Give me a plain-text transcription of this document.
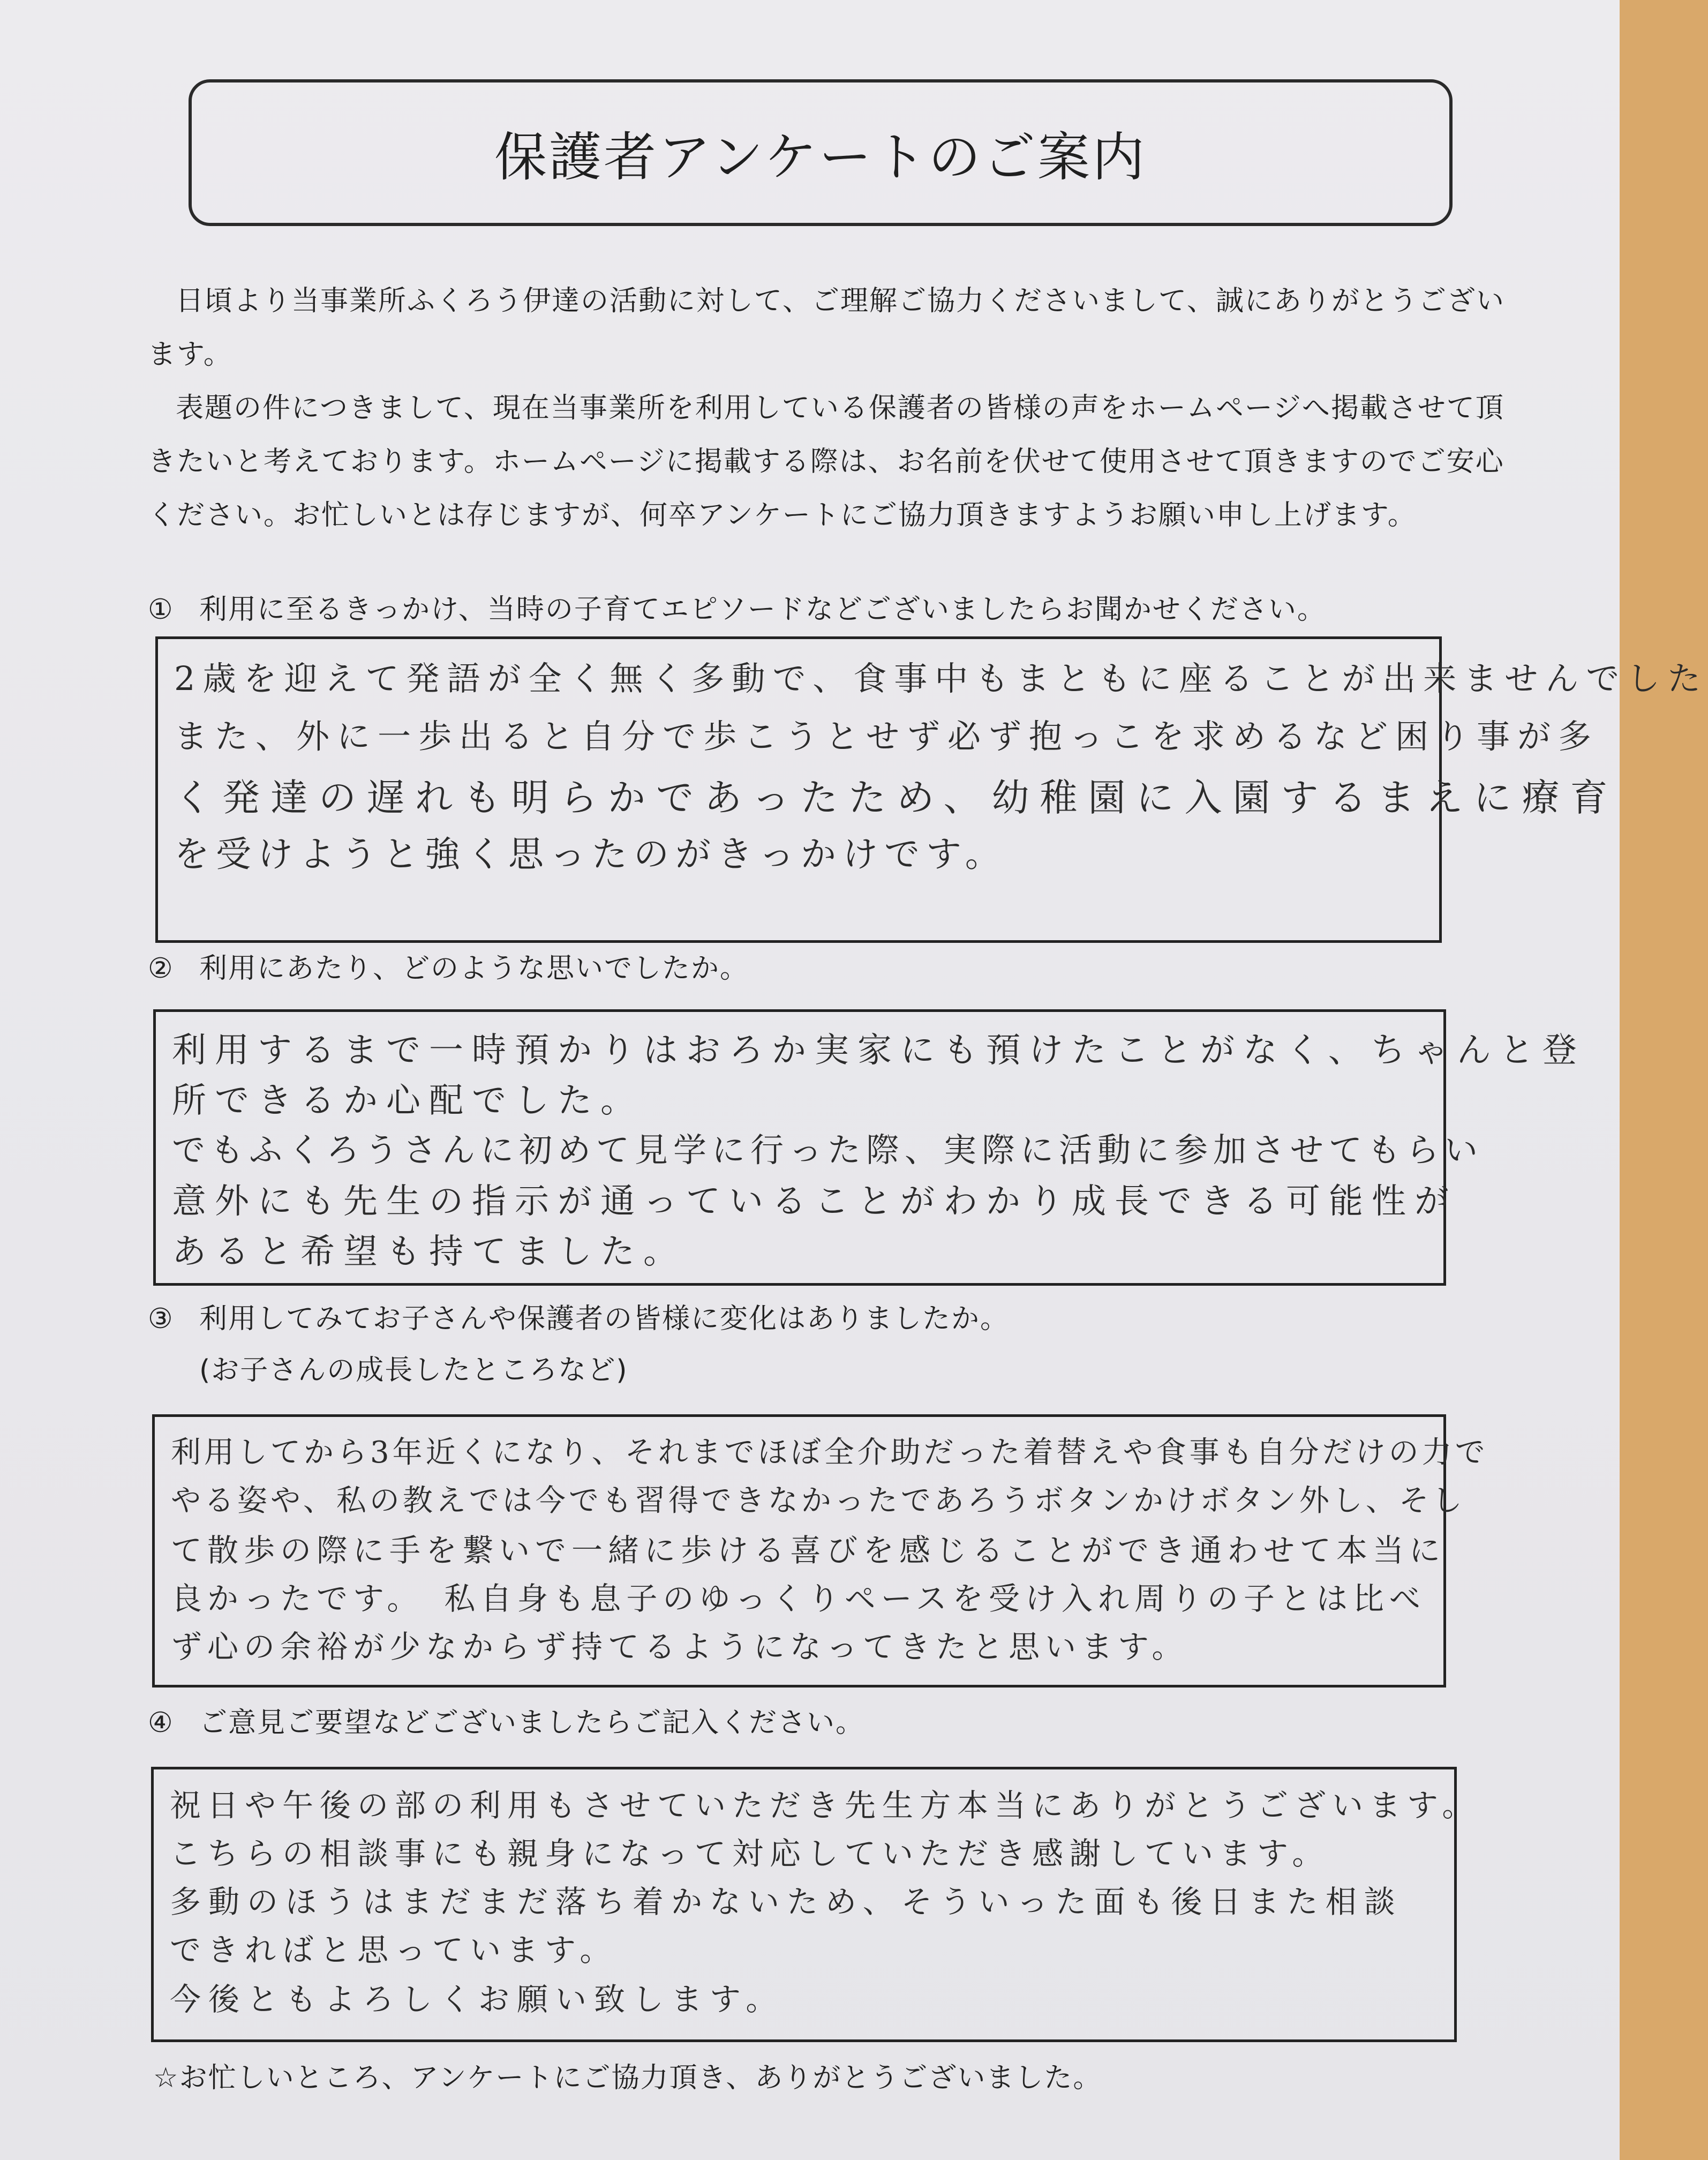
保護者アンケートのご案内

日頃より当事業所ふくろう伊達の活動に対して、ご理解ご協力くださいまして、誠にありがとうございます。

表題の件につきまして、現在当事業所を利用している保護者の皆様の声をホームページへ掲載させて頂きたいと考えております。ホームページに掲載する際は、お名前を伏せて使用させて頂きますのでご安心ください。お忙しいとは存じますが、何卒アンケートにご協力頂きますようお願い申し上げます。

① 利用に至るきっかけ、当時の子育てエピソードなどございましたらお聞かせください。
2歳を迎えて発語が全く無く多動で、食事中もまともに座ることが出来ませんでした
また、外に一歩出ると自分で歩こうとせず必ず抱っこを求めるなど困り事が多
く発達の遅れも明らかであったため、幼稚園に入園するまえに療育
を受けようと強く思ったのがきっかけです。
② 利用にあたり、どのような思いでしたか。
利用するまで一時預かりはおろか実家にも預けたことがなく、ちゃんと登
所できるか心配でした。
でもふくろうさんに初めて見学に行った際、実際に活動に参加させてもらい
意外にも先生の指示が通っていることがわかり成長できる可能性が
あると希望も持てました。
③ 利用してみてお子さんや保護者の皆様に変化はありましたか。
(お子さんの成長したところなど)
利用してから3年近くになり、それまでほぼ全介助だった着替えや食事も自分だけの力で
やる姿や、私の教えでは今でも習得できなかったであろうボタンかけボタン外し、そし
て散歩の際に手を繋いで一緒に歩ける喜びを感じることができ通わせて本当に
良かったです。　私自身も息子のゆっくりペースを受け入れ周りの子とは比べ
ず心の余裕が少なからず持てるようになってきたと思います。
④ ご意見ご要望などございましたらご記入ください。
祝日や午後の部の利用もさせていただき先生方本当にありがとうございます。
こちらの相談事にも親身になって対応していただき感謝しています。
多動のほうはまだまだ落ち着かないため、そういった面も後日また相談
できればと思っています。
今後ともよろしくお願い致します。
☆お忙しいところ、アンケートにご協力頂き、ありがとうございました。
